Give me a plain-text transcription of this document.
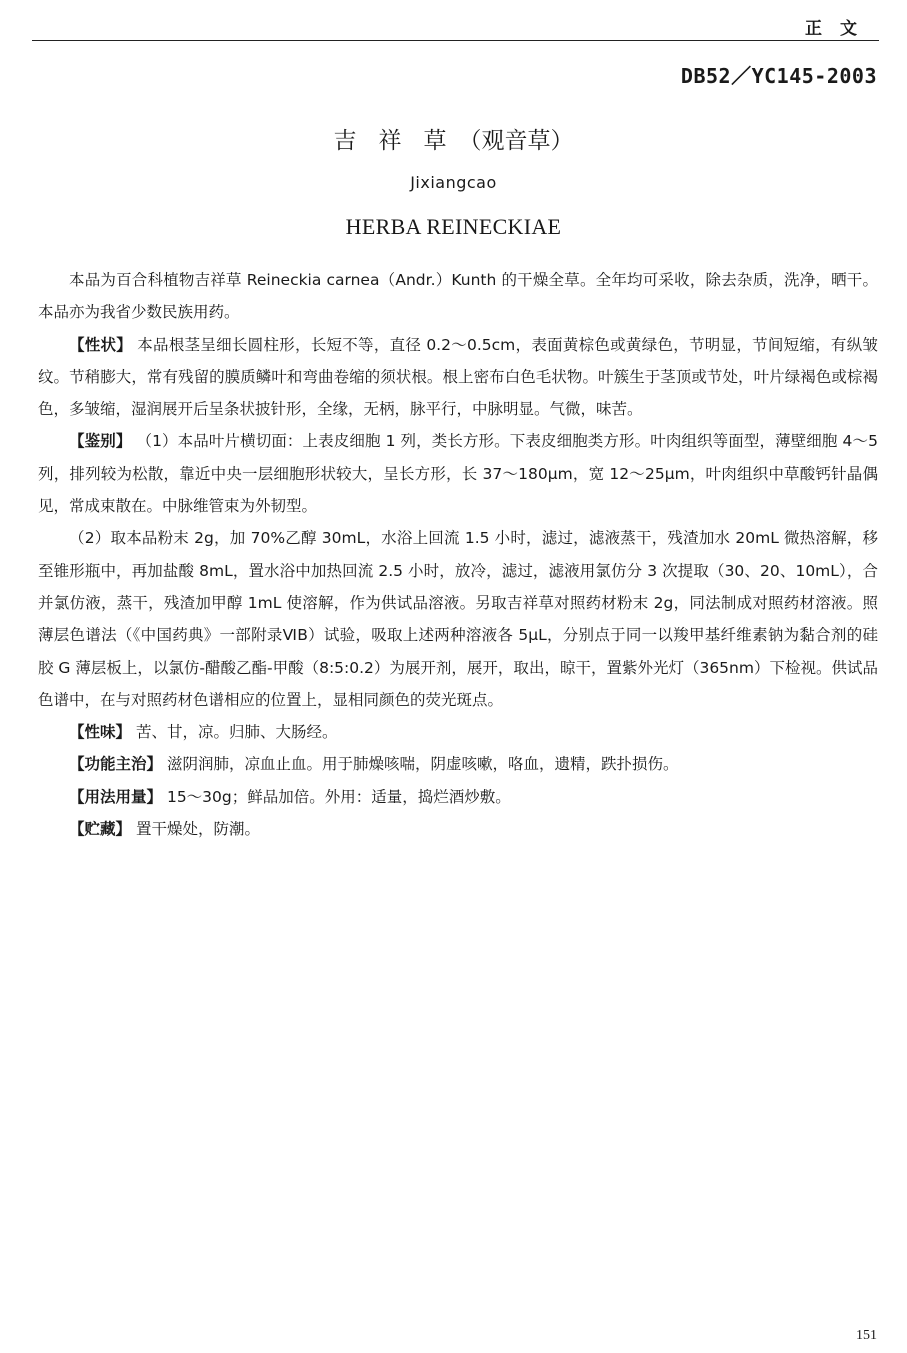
正文
DB52／YC145-2003
吉祥草（观音草）
Jixiangcao
HERBA REINECKIAE

本品为百合科植物吉祥草 Reineckia carnea（Andr.）Kunth 的干燥全草。全年均可采收，除去杂质，洗净，晒干。本品亦为我省少数民族用药。

【性状】 本品根茎呈细长圆柱形，长短不等，直径 0.2～0.5cm，表面黄棕色或黄绿色，节明显，节间短缩，有纵皱纹。节稍膨大，常有残留的膜质鳞叶和弯曲卷缩的须状根。根上密布白色毛状物。叶簇生于茎顶或节处，叶片绿褐色或棕褐色，多皱缩，湿润展开后呈条状披针形，全缘，无柄，脉平行，中脉明显。气微，味苦。

【鉴别】 （1）本品叶片横切面：上表皮细胞 1 列，类长方形。下表皮细胞类方形。叶肉组织等面型，薄壁细胞 4～5 列，排列较为松散，靠近中央一层细胞形状较大，呈长方形，长 37～180μm，宽 12～25μm，叶肉组织中草酸钙针晶偶见，常成束散在。中脉维管束为外韧型。

（2）取本品粉末 2g，加 70%乙醇 30mL，水浴上回流 1.5 小时，滤过，滤液蒸干，残渣加水 20mL 微热溶解，移至锥形瓶中，再加盐酸 8mL，置水浴中加热回流 2.5 小时，放冷，滤过，滤液用氯仿分 3 次提取（30、20、10mL），合并氯仿液，蒸干，残渣加甲醇 1mL 使溶解，作为供试品溶液。另取吉祥草对照药材粉末 2g，同法制成对照药材溶液。照薄层色谱法（《中国药典》一部附录ⅥB）试验，吸取上述两种溶液各 5μL，分别点于同一以羧甲基纤维素钠为黏合剂的硅胶 G 薄层板上，以氯仿-醋酸乙酯-甲酸（8:5:0.2）为展开剂，展开，取出，晾干，置紫外光灯（365nm）下检视。供试品色谱中，在与对照药材色谱相应的位置上，显相同颜色的荧光斑点。

【性味】 苦、甘，凉。归肺、大肠经。

【功能主治】 滋阴润肺，凉血止血。用于肺燥咳喘，阴虚咳嗽，咯血，遗精，跌扑损伤。

【用法用量】 15～30g；鲜品加倍。外用：适量，捣烂酒炒敷。

【贮藏】 置干燥处，防潮。

151
